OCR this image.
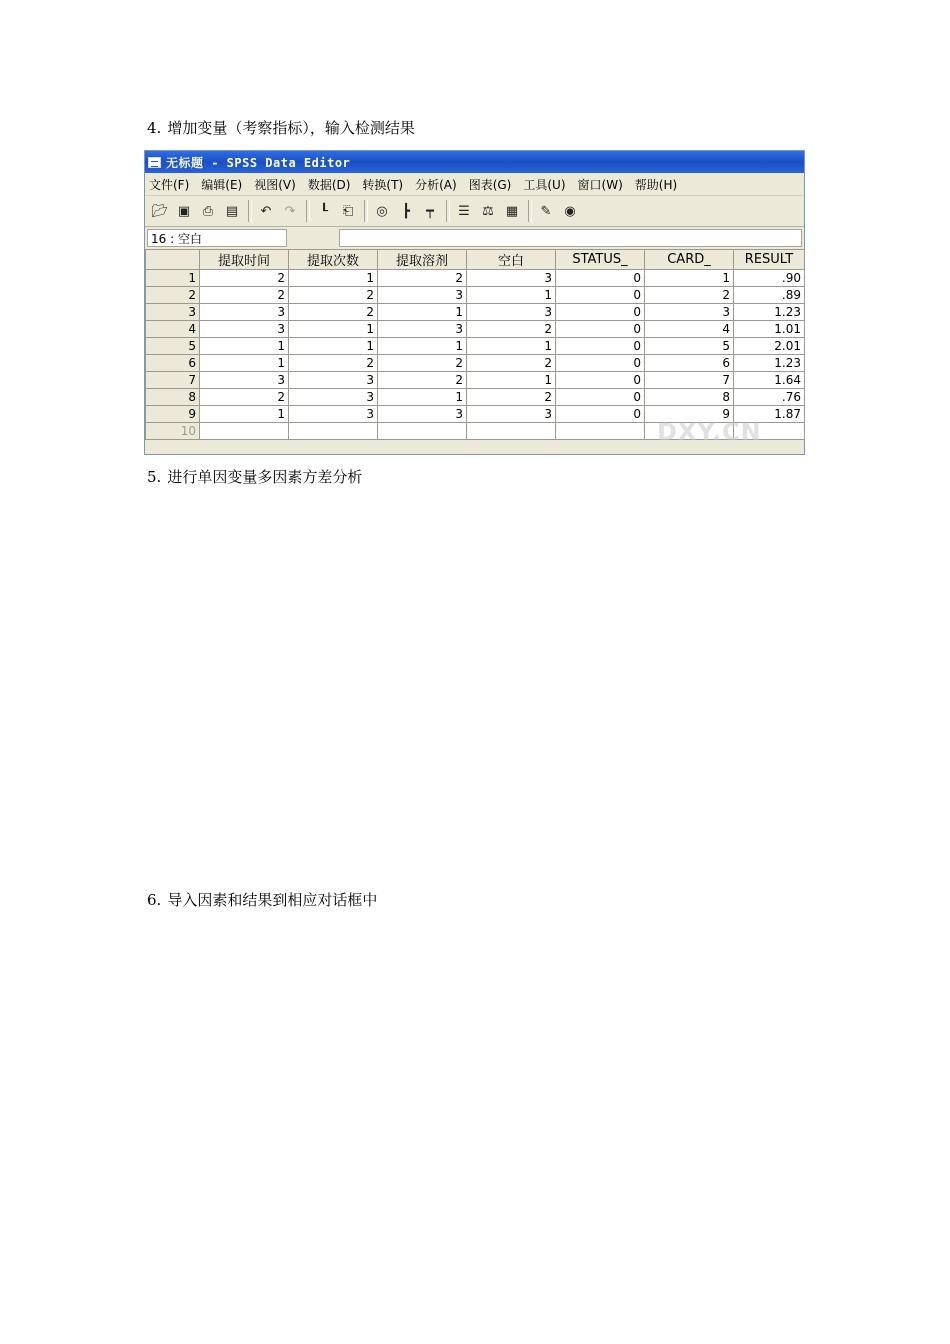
4. 增加变量（考察指标），输入检测结果
无标题 - SPSS Data Editor
文件(F) 编辑(E) 视图(V) 数据(D) 转换(T) 分析(A) 图表(G) 工具(U) 窗口(W) 帮助(H)
📂︎ ▣ ⎙ ▤	↶	↷	┖	⎗	◎	┣	┯	☰ ⚖︎ ▦	✎ ◉
16 : 空白
	提取时间	提取次数	提取溶剂	空白	STATUS_	CARD_	RESULT
1	2	1	2	3	0	1	.90
2	2	2	3	1	0	2	.89
3	3	2	1	3	0	3	1.23
4	3	1	3	2	0	4	1.01
5	1	1	1	1	0	5	2.01
6	1	2	2	2	0	6	1.23
7	3	3	2	1	0	7	1.64
8	2	3	1	2	0	8	.76
9	1	3	3	3	0	9	1.87
10								DXY.CN
5. 进行单因变量多因素方差分析
6. 导入因素和结果到相应对话框中
